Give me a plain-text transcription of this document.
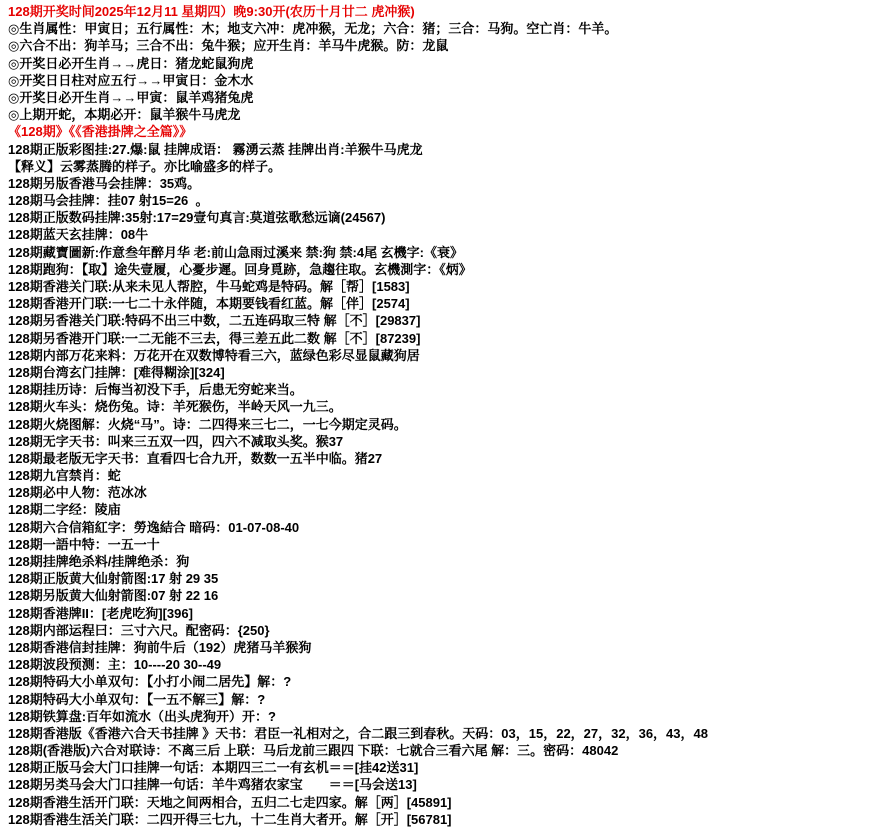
128期开奖时间2025年12月11 星期四）晚9:30开(农历十月廿二 虎冲猴)
◎生肖属性：甲寅日；五行属性：木；地支六冲：虎冲猴，无龙；六合：猪；三合：马狗。空亡肖：牛羊。
◎六合不出：狗羊马；三合不出：兔牛猴；应开生肖：羊马牛虎猴。防：龙鼠
◎开奖日必开生肖→→虎日：猪龙蛇鼠狗虎
◎开奖日日柱对应五行→→甲寅日：金木水
◎开奖日必开生肖→→甲寅：鼠羊鸡猪兔虎
◎上期开蛇，本期必开：鼠羊猴牛马虎龙
《128期》《《香港掛牌之全篇》》
128期正版彩图挂:27.爆:鼠 挂牌成语： 霧湧云蒸 挂牌出肖:羊猴牛马虎龙
【释义】云雾蒸腾的样子。亦比喻盛多的样子。
128期另版香港马会挂牌：35鸡。
128期马会挂牌：挂07 射15=26  。
128期正版数码挂牌:35射:17=29壹句真言:莫道弦歌愁远谪(24567)
128期蓝天玄挂牌：08牛
128期藏寶圖新:作意叁年醉月华 老:前山急雨过溪来 禁:狗 禁:4尾 玄機字:《衰》
128期跑狗：【取】途失壹履，心憂步遲。回身覓跡，急趨往取。玄機測字：《炳》
128期香港关门联:从来未见人帮腔，牛马蛇鸡是特码。解［帮］[1583]
128期香港开门联:一七二十永伴随，本期要钱看红蓝。解［伴］[2574]
128期另香港关门联:特码不出三中数，二五连码取三特 解［不］[29837]
128期另香港开门联:一二无能不三去，得三差五此二数 解［不］[87239]
128期内部万花来料：万花开在双数博特看三六，蓝绿色彩尽显鼠藏狗居
128期台湾玄门挂牌：[难得糊涂][324]
128期挂历诗：后悔当初没下手，后患无穷蛇来当。
128期火车头：烧伤兔。诗：羊死猴伤，半岭天风一九三。
128期火烧图解：火烧“马”。诗：二四得来三七二，一七今期定灵码。
128期无字天书：叫来三五双一四，四六不减取头奖。猴37
128期最老版无字天书：直看四七合九开，数数一五半中临。猪27
128期九宫禁肖：蛇
128期必中人物：范冰冰
128期二字经：陵庙
128期六合信箱紅字：勞逸結合 暗码：01-07-08-40
128期一語中特：一五一十
128期挂牌绝杀料/挂牌绝杀：狗
128期正版黄大仙射箭图:17 射 29 35
128期另版黄大仙射箭图:07 射 22 16
128期香港牌II：[老虎吃狗][396]
128期内部运程曰：三寸六尺。配密码：{250}
128期香港信封挂牌：狗前牛后（192）虎猪马羊猴狗
128期波段预测：主：10----20 30--49
128期特码大小单双句：【小打小闹二居先】解：?
128期特码大小单双句：【一五不解三】解：?
128期铁算盘:百年如流水（出头虎狗开）开：?
128期香港版《香港六合天书挂牌 》天书：君臣一礼相对之，合二跟三到春秋。天码：03，15，22，27，32，36，43，48
128期(香港版)六合对联诗：不离三后 上联：马后龙前三跟四 下联：七就合三看六尾 解：三。密码：48042
128期正版马会大门口挂牌一句话：本期四三二一有玄机＝＝[挂42送31]
128期另类马会大门口挂牌一句话：羊牛鸡猪农家宝　　＝＝[马会送13]
128期香港生活开门联：天地之间两相合，五归二七走四家。解［两］[45891]
128期香港生活关门联：二四开得三七九，十二生肖大者开。解［开］[56781]
